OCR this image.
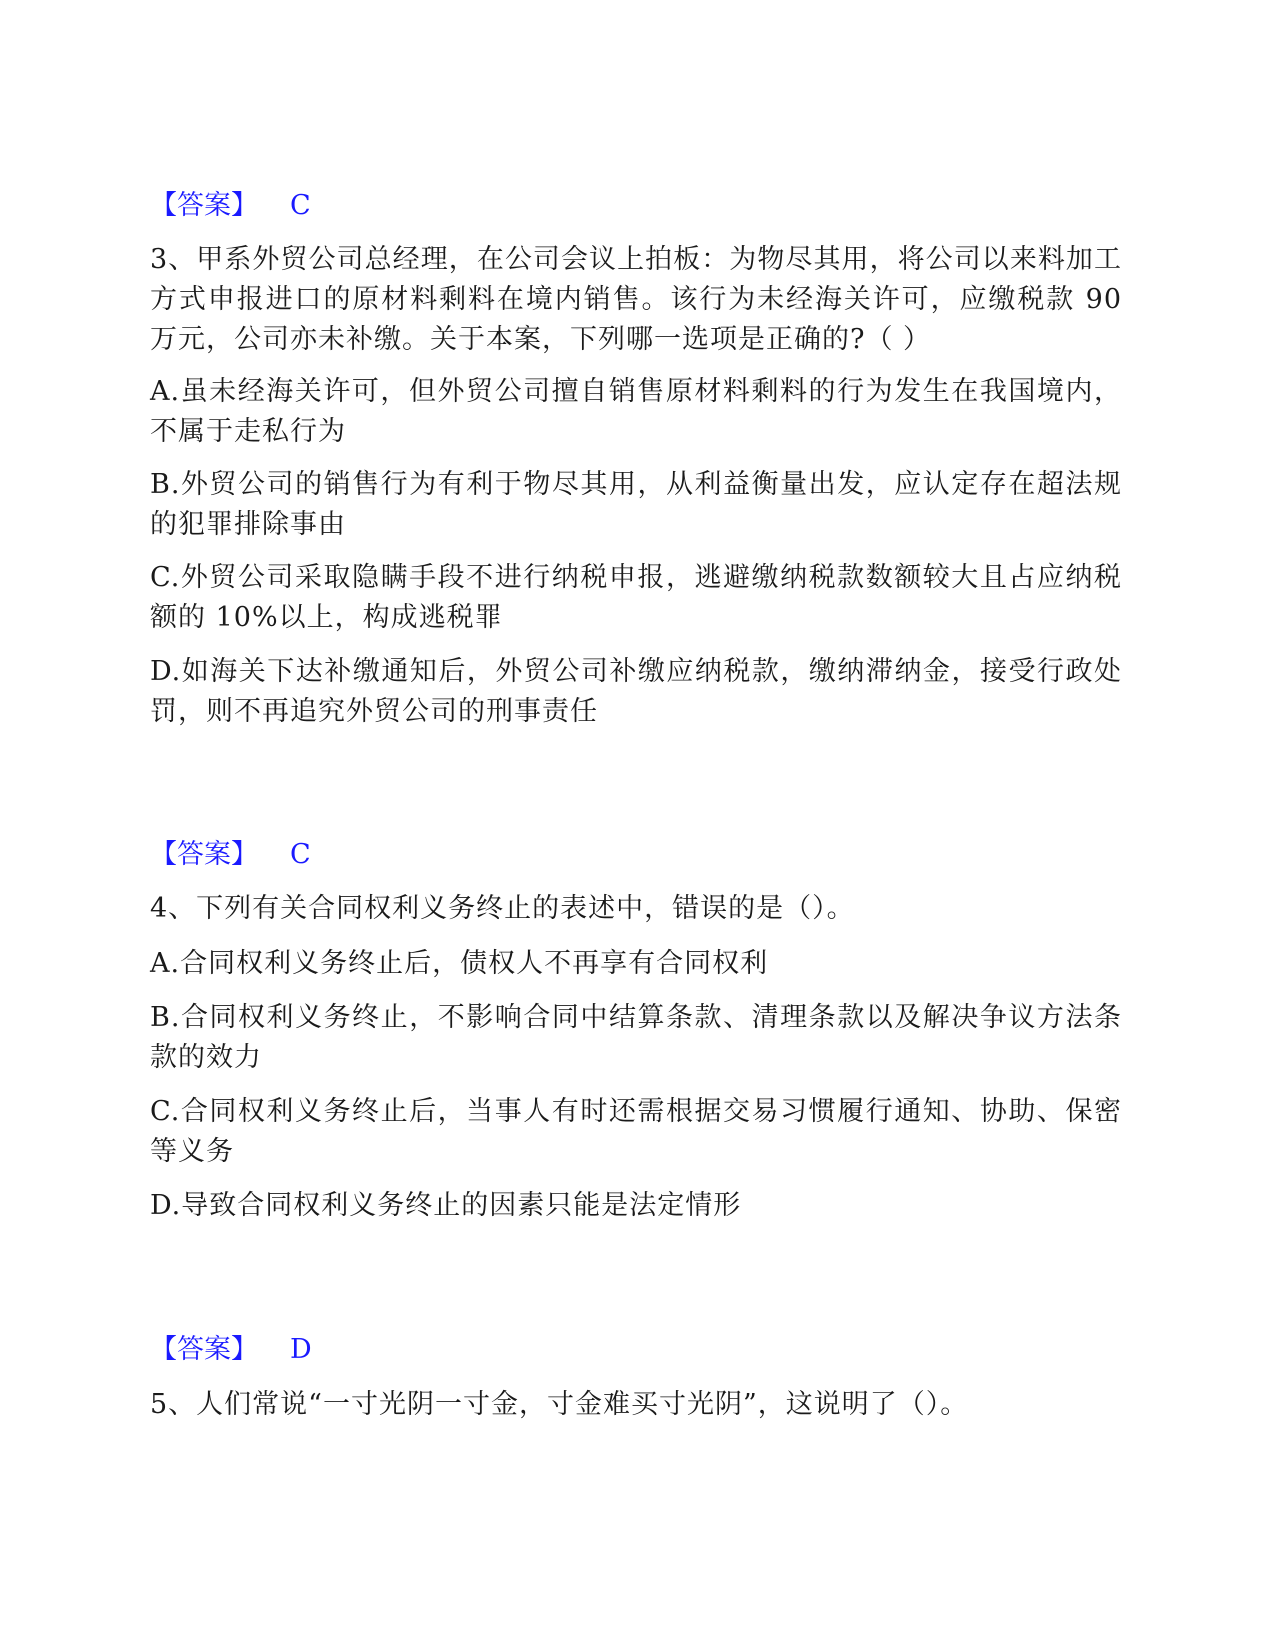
【答案】 C
3、甲系外贸公司总经理，在公司会议上拍板：为物尽其用，将公司以来料加工方式申报进口的原材料剩料在境内销售。该行为未经海关许可，应缴税款 90 万元，公司亦未补缴。关于本案，下列哪一选项是正确的?（ ）
A.虽未经海关许可，但外贸公司擅自销售原材料剩料的行为发生在我国境内，不属于走私行为
B.外贸公司的销售行为有利于物尽其用，从利益衡量出发，应认定存在超法规的犯罪排除事由
C.外贸公司采取隐瞒手段不进行纳税申报，逃避缴纳税款数额较大且占应纳税额的 10%以上，构成逃税罪
D.如海关下达补缴通知后，外贸公司补缴应纳税款，缴纳滞纳金，接受行政处罚，则不再追究外贸公司的刑事责任
【答案】 C
4、下列有关合同权利义务终止的表述中，错误的是（）。
A.合同权利义务终止后，债权人不再享有合同权利
B.合同权利义务终止，不影响合同中结算条款、清理条款以及解决争议方法条款的效力
C.合同权利义务终止后，当事人有时还需根据交易习惯履行通知、协助、保密等义务
D.导致合同权利义务终止的因素只能是法定情形
【答案】 D
5、人们常说“一寸光阴一寸金，寸金难买寸光阴”，这说明了（）。
